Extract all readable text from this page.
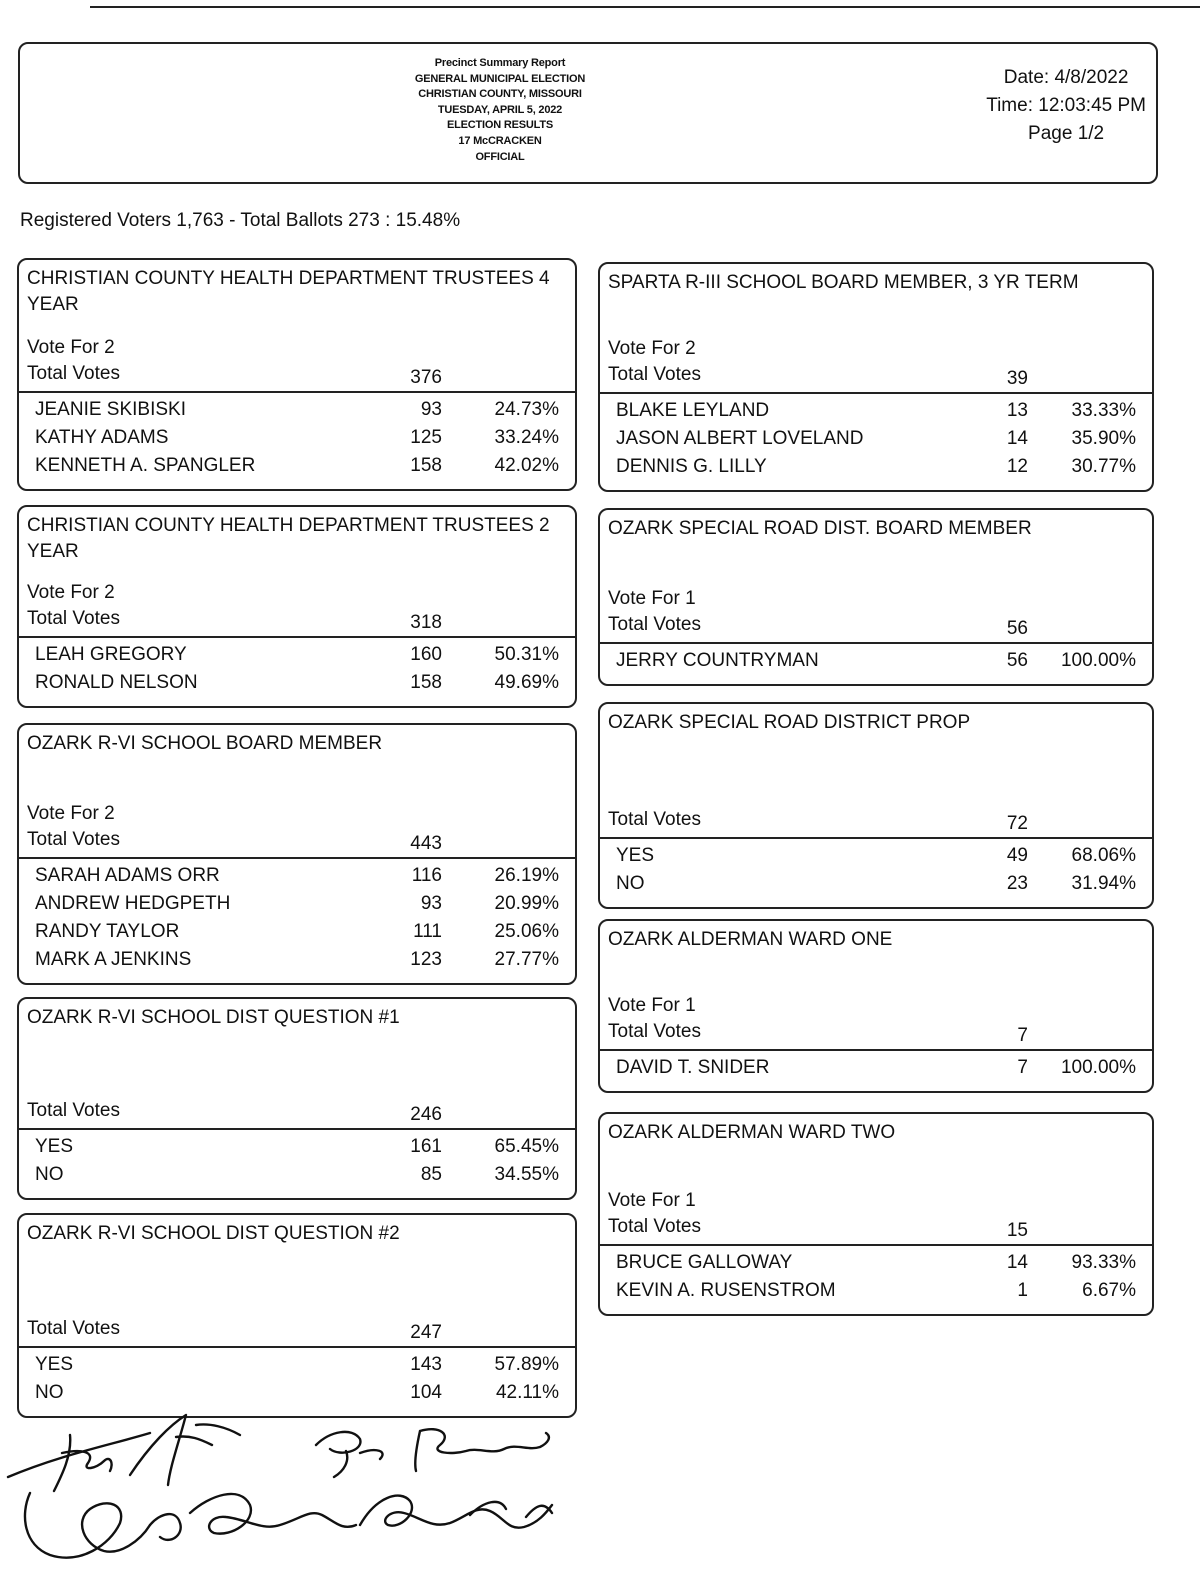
Precinct Summary Report
GENERAL MUNICIPAL ELECTION
CHRISTIAN COUNTY, MISSOURI
TUESDAY, APRIL 5, 2022
ELECTION RESULTS
17 McCRACKEN
OFFICIAL
Date: 4/8/2022
Time: 12:03:45 PM
Page 1/2
Registered Voters 1,763 - Total Ballots 273 : 15.48%
CHRISTIAN COUNTY HEALTH DEPARTMENT TRUSTEES 4 YEAR
Vote For 2
Total Votes	376
JEANIE SKIBISKI	93	24.73%
KATHY ADAMS	125	33.24%
KENNETH A. SPANGLER	158	42.02%
CHRISTIAN COUNTY HEALTH DEPARTMENT TRUSTEES 2 YEAR
Vote For 2
Total Votes	318
LEAH GREGORY	160	50.31%
RONALD NELSON	158	49.69%
OZARK R-VI SCHOOL BOARD MEMBER
Vote For 2
Total Votes	443
SARAH ADAMS ORR	116	26.19%
ANDREW HEDGPETH	93	20.99%
RANDY TAYLOR	111	25.06%
MARK A JENKINS	123	27.77%
OZARK R-VI SCHOOL DIST QUESTION #1
Total Votes	246
YES	161	65.45%
NO	85	34.55%
OZARK R-VI SCHOOL DIST QUESTION #2
Total Votes	247
YES	143	57.89%
NO	104	42.11%
SPARTA R-III SCHOOL BOARD MEMBER, 3 YR TERM
Vote For 2
Total Votes	39
BLAKE LEYLAND	13	33.33%
JASON ALBERT LOVELAND	14	35.90%
DENNIS G. LILLY	12	30.77%
OZARK SPECIAL ROAD DIST. BOARD MEMBER
Vote For 1
Total Votes	56
JERRY COUNTRYMAN	56	100.00%
OZARK SPECIAL ROAD DISTRICT PROP
Total Votes	72
YES	49	68.06%
NO	23	31.94%
OZARK ALDERMAN WARD ONE
Vote For 1
Total Votes	7
DAVID T. SNIDER	7	100.00%
OZARK ALDERMAN WARD TWO
Vote For 1
Total Votes	15
BRUCE GALLOWAY	14	93.33%
KEVIN A. RUSENSTROM	1	6.67%
